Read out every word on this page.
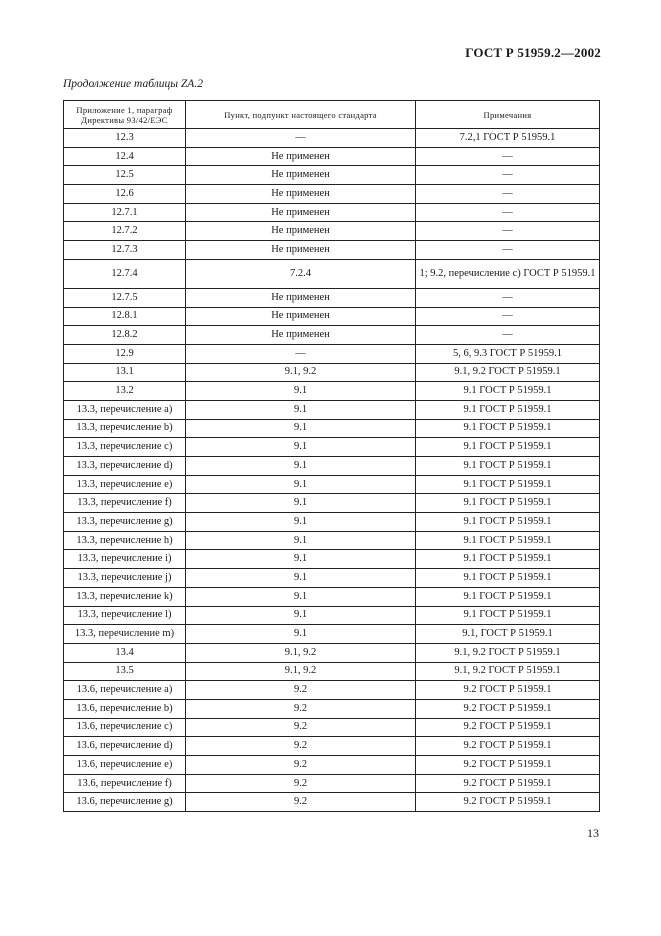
ГОСТ Р 51959.2—2002
Продолжение таблицы ZA.2
Приложение 1, параграф Директивы 93/42/ЕЭС	Пункт, подпункт настоящего стандарта	Примечания
12.3	—	7.2,1 ГОСТ Р 51959.1
12.4	Не применен	—
12.5	Не применен	—
12.6	Не применен	—
12.7.1	Не применен	—
12.7.2	Не применен	—
12.7.3	Не применен	—
12.7.4	7.2.4	1; 9.2, перечисление с) ГОСТ Р 51959.1
12.7.5	Не применен	—
12.8.1	Не применен	—
12.8.2	Не применен	—
12.9	—	5, 6, 9.3 ГОСТ Р 51959.1
13.1	9.1, 9.2	9.1, 9.2 ГОСТ Р 51959.1
13.2	9.1	9.1 ГОСТ Р 51959.1
13.3, перечисление а)	9.1	9.1 ГОСТ Р 51959.1
13.3, перечисление b)	9.1	9.1 ГОСТ Р 51959.1
13.3, перечисление с)	9.1	9.1 ГОСТ Р 51959.1
13.3, перечисление d)	9.1	9.1 ГОСТ Р 51959.1
13.3, перечисление е)	9.1	9.1 ГОСТ Р 51959.1
13.3, перечисление f)	9.1	9.1 ГОСТ Р 51959.1
13.3, перечисление g)	9.1	9.1 ГОСТ Р 51959.1
13.3, перечисление h)	9.1	9.1 ГОСТ Р 51959.1
13.3, перечисление i)	9.1	9.1 ГОСТ Р 51959.1
13.3, перечисление j)	9.1	9.1 ГОСТ Р 51959.1
13.3, перечисление k)	9.1	9.1 ГОСТ Р 51959.1
13.3, перечисление l)	9.1	9.1 ГОСТ Р 51959.1
13.3, перечисление m)	9.1	9.1, ГОСТ Р 51959.1
13.4	9.1, 9.2	9.1, 9.2 ГОСТ Р 51959.1
13.5	9.1, 9.2	9.1, 9.2 ГОСТ Р 51959.1
13.6, перечисление а)	9.2	9.2 ГОСТ Р 51959.1
13.6, перечисление b)	9.2	9.2 ГОСТ Р 51959.1
13.6, перечисление с)	9.2	9.2 ГОСТ Р 51959.1
13.6, перечисление d)	9.2	9.2 ГОСТ Р 51959.1
13.6, перечисление е)	9.2	9.2 ГОСТ Р 51959.1
13.6, перечисление f)	9.2	9.2 ГОСТ Р 51959.1
13.6, перечисление g)	9.2	9.2 ГОСТ Р 51959.1
13
